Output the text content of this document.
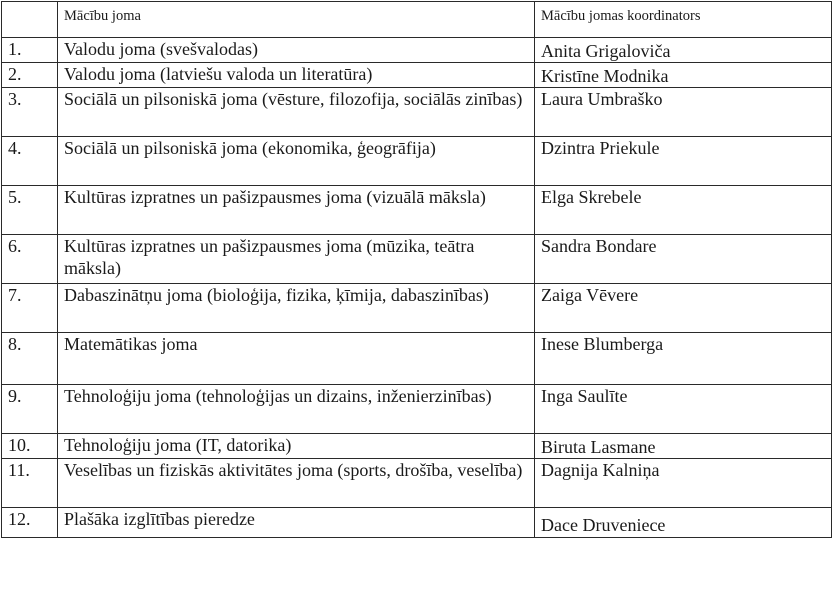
	Mācību joma	Mācību jomas koordinators
1.	Valodu joma (svešvalodas)	Anita Grigaloviča
2.	Valodu joma (latviešu valoda un literatūra)	Kristīne Modnika
3.	Sociālā un pilsoniskā joma (vēsture, filozofija, sociālās zinības)	Laura Umbraško
4.	Sociālā un pilsoniskā joma (ekonomika, ģeogrāfija)	Dzintra Priekule
5.	Kultūras izpratnes un pašizpausmes joma (vizuālā māksla)	Elga Skrebele
6.	Kultūras izpratnes un pašizpausmes joma (mūzika, teātra māksla)	Sandra Bondare
7.	Dabaszinātņu joma (bioloģija, fizika, ķīmija, dabaszinības)	Zaiga Vēvere
8.	Matemātikas joma	Inese Blumberga
9.	Tehnoloģiju joma (tehnoloģijas un dizains, inženierzinības)	Inga Saulīte
10.	Tehnoloģiju joma (IT, datorika)	Biruta Lasmane
11.	Veselības un fiziskās aktivitātes joma (sports, drošība, veselība)	Dagnija Kalniņa
12.	Plašāka izglītības pieredze	Dace Druveniece
